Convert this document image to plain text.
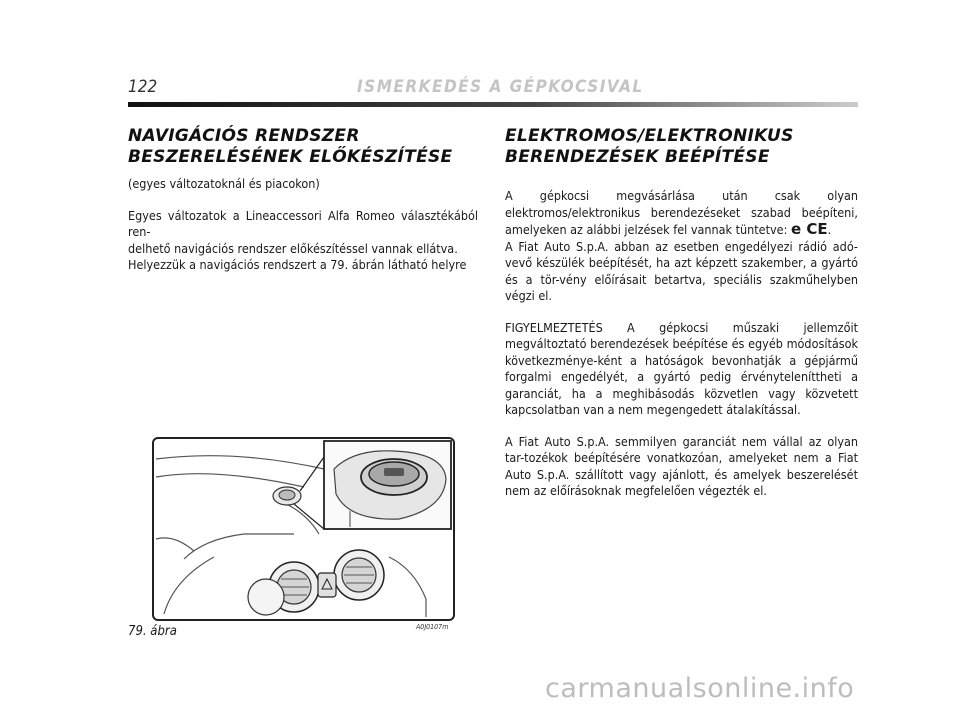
122	ISMERKEDÉS A GÉPKOCSIVAL
NAVIGÁCIÓS RENDSZER
BESZERELÉSÉNEK ELŐKÉSZÍTÉSE

(egyes változatoknál és piacokon)

Egyes változatok a Lineaccessori Alfa Romeo választékából ren-
delhető navigációs rendszer előkészítéssel vannak ellátva.
Helyezzük a navigációs rendszert a 79. ábrán látható helyre

ELEKTROMOS/ELEKTRONIKUS
BERENDEZÉSEK BEÉPÍTÉSE

A gépkocsi megvásárlása után csak olyan elektromos/elektronikus berendezéseket szabad beépíteni, amelyeken az alábbi jelzések fel vannak tüntetve: e CE.

A Fiat Auto S.p.A. abban az esetben engedélyezi rádió adó-vevő készülék beépítését, ha azt képzett szakember, a gyártó és a tör-vény előírásait betartva, speciális szakműhelyben végzi el.

FIGYELMEZTETÉS A gépkocsi műszaki jellemzőit megváltoztató berendezések beépítése és egyéb módosítások következménye-ként a hatóságok bevonhatják a gépjármű forgalmi engedélyét, a gyártó pedig érvényteleníttheti a garanciát, ha a meghibásodás közvetlen vagy közvetett kapcsolatban van a nem megengedett átalakítással.

A Fiat Auto S.p.A. semmilyen garanciát nem vállal az olyan tar-tozékok beépítésére vonatkozóan, amelyeket nem a Fiat Auto S.p.A. szállított vagy ajánlott, és amelyek beszerelését nem az előírásoknak megfelelően végezték el.

79. ábra	A0J0107m
carmanualsonline.info
